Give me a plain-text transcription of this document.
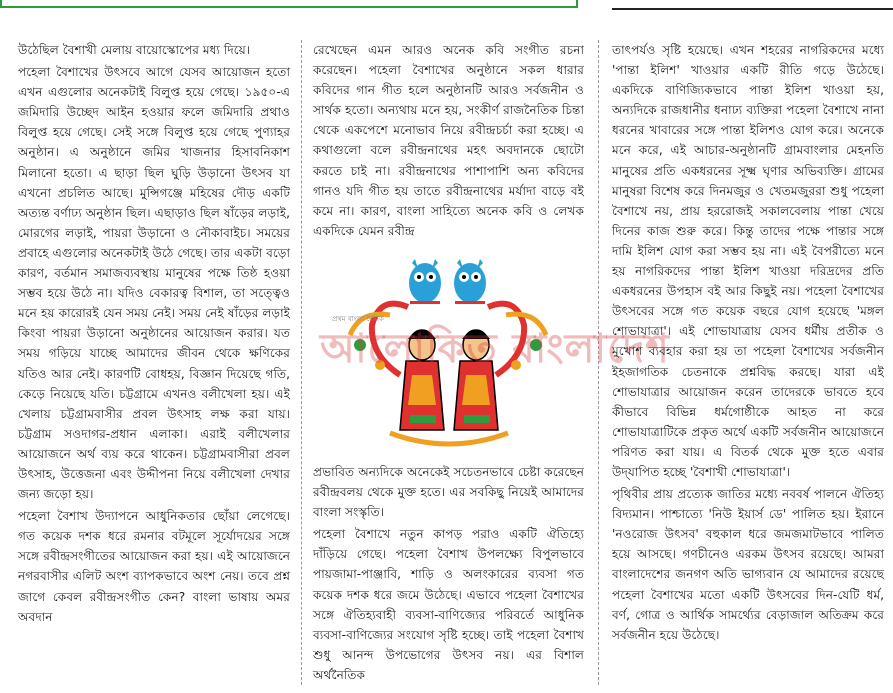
উঠেছিল বৈশাখী মেলায় বায়োস্কোপের মধ্য দিয়ে।

পহেলা বৈশাখের উৎসবে আগে যেসব আয়োজন হতো এখন এগুলোর অনেকটাই বিলুপ্ত হয়ে গেছে। ১৯৫০-এ জমিদারি উচ্ছেদ আইন হওয়ার ফলে জমিদারি প্রথাও বিলুপ্ত হয়ে গেছে। সেই সঙ্গে বিলুপ্ত হয়ে গেছে পুণ্যাহর অনুষ্ঠান। এ অনুষ্ঠানে জমির খাজনার হিসাবনিকাশ মিলানো হতো। এ ছাড়া ছিল ঘুড়ি উড়ানো উৎসব যা এখনো প্রচলিত আছে। মুন্সিগঞ্জে মহিষের দৌড় একটি অত্যন্ত বর্ণাঢ্য অনুষ্ঠান ছিল। এছাড়াও ছিল ষাঁড়ের লড়াই, মোরগের লড়াই, পায়রা উড়ানো ও নৌকাবাইচ। সময়ের প্রবাহে এগুলোর অনেকটাই উঠে গেছে। তার একটা বড়ো কারণ, বর্তমান সমাজব্যবস্থায় মানুষের পক্ষে তিষ্ঠ হওয়া সম্ভব হয়ে উঠে না। যদিও বেকারত্ব বিশাল, তা সত্ত্বেও মনে হয় কারোরই যেন সময় নেই। সময় নেই ষাঁড়ের লড়াই কিংবা পায়রা উড়ানো অনুষ্ঠানের আয়োজন করার। যত সময় গড়িয়ে যাচ্ছে আমাদের জীবন থেকে ক্ষণিকের যতিও আর নেই। কারণটি বোধহয়, বিজ্ঞান দিয়েছে গতি, কেড়ে নিয়েছে যতি। চট্টগ্রামে এখনও বলীখেলা হয়। এই খেলায় চট্টগ্রামবাসীর প্রবল উৎসাহ লক্ষ করা যায়। চট্টগ্রাম সওদাগর-প্রধান এলাকা। এরাই বলীখেলার আয়োজনে অর্থ ব্যয় করে থাকেন। চট্টগ্রামবাসীরা প্রবল উৎসাহ, উত্তেজনা এবং উদ্দীপনা নিয়ে বলীখেলা দেখার জন্য জড়ো হয়।

পহেলা বৈশাখ উদ্যাপনে আধুনিকতার ছোঁয়া লেগেছে। গত কয়েক দশক ধরে রমনার বটমূলে সূর্যোদয়ের সঙ্গে সঙ্গে রবীন্দ্রসংগীতের আয়োজন করা হয়। এই আয়োজনে নগরবাসীর এলিট অংশ ব্যাপকভাবে অংশ নেয়। তবে প্রশ্ন জাগে কেবল রবীন্দ্রসংগীত কেন? বাংলা ভাষায় অমর অবদান

রেখেছেন এমন আরও অনেক কবি সংগীত রচনা করেছেন। পহেলা বৈশাখের অনুষ্ঠানে সকল ধারার কবিদের গান গীত হলে অনুষ্ঠানটি আরও সর্বজনীন ও সার্থক হতো। অন্যথায় মনে হয়, সংকীর্ণ রাজনৈতিক চিন্তা থেকে একপেশে মনোভাব নিয়ে রবীন্দ্রচর্চা করা হচ্ছে। এ কথাগুলো বলে রবীন্দ্রনাথের মহৎ অবদানকে ছোটো করতে চাই না। রবীন্দ্রনাথের পাশাপাশি অন্য কবিদের গানও যদি গীত হয় তাতে রবীন্দ্রনাথের মর্যাদা বাড়ে বই কমে না। কারণ, বাংলা সাহিত্যে অনেক কবি ও লেখক একদিকে যেমন রবীন্দ্র

প্রথম বাংলা দৈনিক
আলোকিত বাংলাদেশ

প্রভাবিত অন্যদিকে অনেকেই সচেতনভাবে চেষ্টা করেছেন রবীন্দ্রবলয় থেকে মুক্ত হতে। এর সবকিছু নিয়েই আমাদের বাংলা সংস্কৃতি।

পহেলা বৈশাখে নতুন কাপড় পরাও একটি ঐতিহ্যে দাঁড়িয়ে গেছে। পহেলা বৈশাখ উপলক্ষ্যে বিপুলভাবে পায়জামা-পাঞ্জাবি, শাড়ি ও অলংকারের ব্যবসা গত কয়েক দশক ধরে জমে উঠেছে। এভাবে পহেলা বৈশাখের সঙ্গে ঐতিহ্যবাহী ব্যবসা-বাণিজ্যের পরিবর্তে আধুনিক ব্যবসা-বাণিজ্যের সংযোগ সৃষ্টি হচ্ছে। তাই পহেলা বৈশাখ শুধু আনন্দ উপভোগের উৎসব নয়। এর বিশাল অর্থনৈতিক

তাৎপর্যও সৃষ্টি হয়েছে। এখন শহরের নাগরিকদের মধ্যে 'পান্তা ইলিশ' খাওয়ার একটি রীতি গড়ে উঠেছে। একদিকে বাণিজ্যিকভাবে পান্তা ইলিশ খাওয়া হয়, অন্যদিকে রাজধানীর ধনাঢ্য ব্যক্তিরা পহেলা বৈশাখে নানা ধরনের খাবারের সঙ্গে পান্তা ইলিশও যোগ করে। অনেকে মনে করে, এই আচার-অনুষ্ঠানটি গ্রামবাংলার মেহনতি মানুষের প্রতি একধরনের সূক্ষ্ম ঘৃণার অভিব্যক্তি। গ্রামের মানুষরা বিশেষ করে দিনমজুর ও খেতমজুররা শুধু পহেলা বৈশাখে নয়, প্রায় হররোজই সকালবেলায় পান্তা খেয়ে দিনের কাজ শুরু করে। কিন্তু তাদের পক্ষে পান্তার সঙ্গে দামি ইলিশ যোগ করা সম্ভব হয় না। এই বৈপরীত্যে মনে হয় নাগরিকদের পান্তা ইলিশ খাওয়া দরিদ্রদের প্রতি একধরনের উপহাস বই আর কিছুই নয়। পহেলা বৈশাখের উৎসবের সঙ্গে গত কয়েক বছরে যোগ হয়েছে 'মঙ্গল শোভাযাত্রা'। এই শোভাযাত্রায় যেসব ধর্মীয় প্রতীক ও মুখোশ ব্যবহার করা হয় তা পহেলা বৈশাখের সর্বজনীন ইহজাগতিক চেতনাকে প্রশ্নবিদ্ধ করছে। যারা এই শোভাযাত্রার আয়োজন করেন তাদেরকে ভাবতে হবে কীভাবে বিভিন্ন ধর্মগোষ্ঠীকে আহত না করে শোভাযাত্রাটিকে প্রকৃত অর্থে একটি সর্বজনীন আয়োজনে পরিণত করা যায়। এ বিতর্ক থেকে মুক্ত হতে এবার উদ্‌যাপিত হচ্ছে 'বৈশাখী শোভাযাত্রা'।

পৃথিবীর প্রায় প্রত্যেক জাতির মধ্যে নববর্ষ পালনে ঐতিহ্য বিদ্যমান। পাশ্চাত্যে 'নিউ ইয়ার্স ডে' পালিত হয়। ইরানে 'নওরোজ উৎসব' বহুকাল ধরে জমজমাটভাবে পালিত হয়ে আসছে। গণচীনেও এরকম উৎসব রয়েছে। আমরা বাংলাদেশের জনগণ অতি ভাগ্যবান যে আমাদের রয়েছে পহেলা বৈশাখের মতো একটি উৎসবের দিন-যেটি ধর্ম, বর্ণ, গোত্র ও আর্থিক সামর্থ্যের বেড়াজাল অতিক্রম করে সর্বজনীন হয়ে উঠেছে।
